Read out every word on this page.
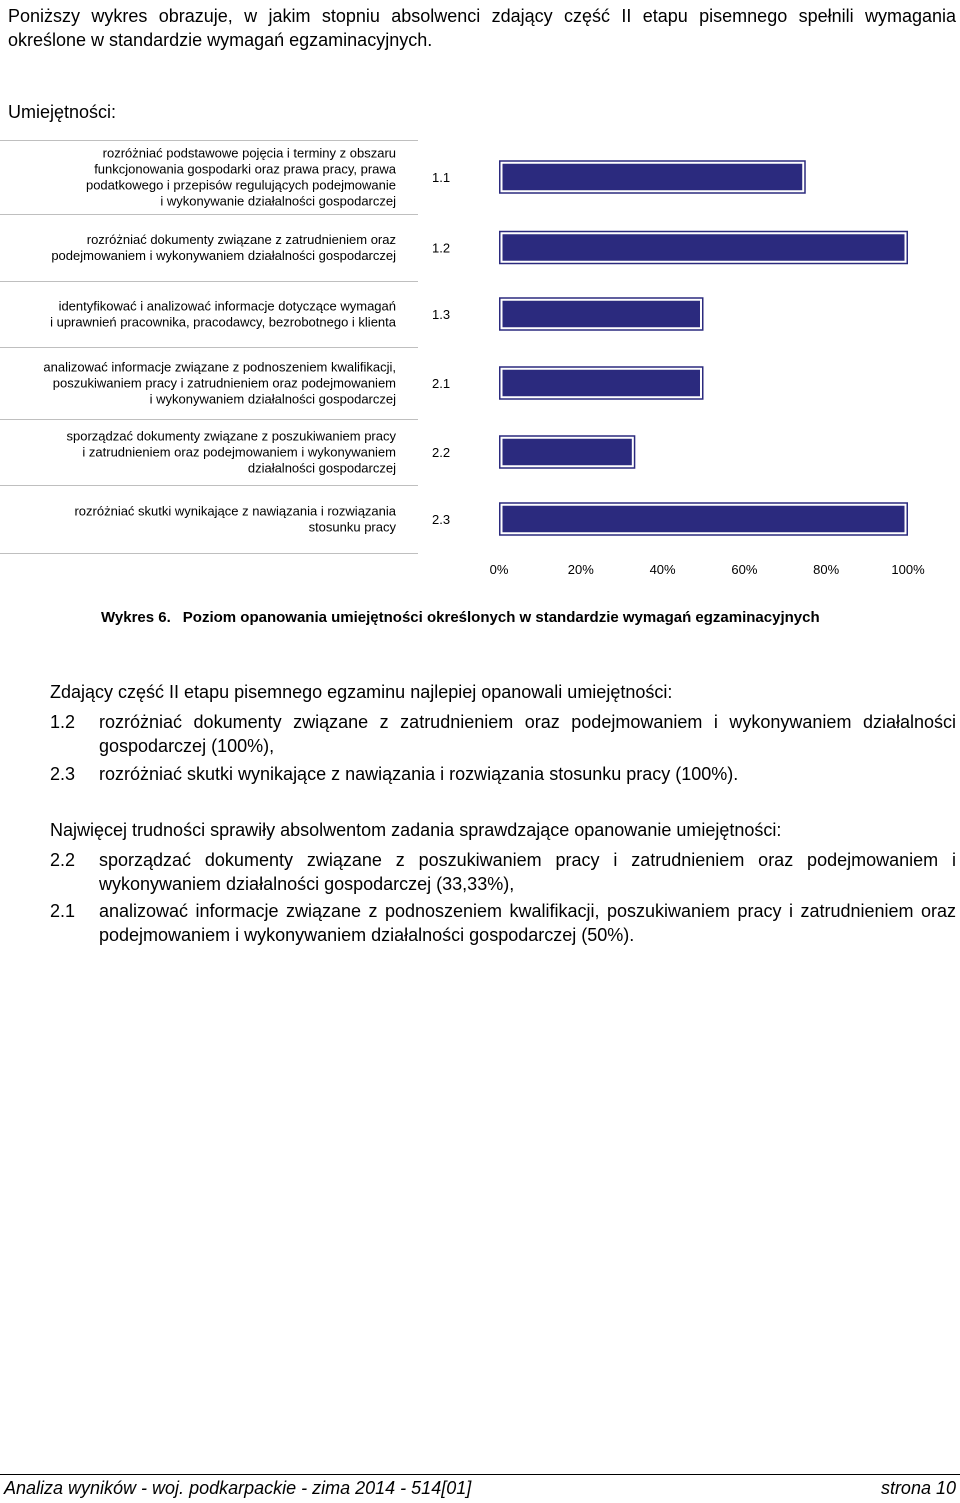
Poniższy wykres obrazuje, w jakim stopniu absolwenci zdający część II etapu pisemnego spełnili wymagania określone w standardzie wymagań egzaminacyjnych.

Umiejętności:

rozróżniać podstawowe pojęcia i terminy z obszaru
funkcjonowania gospodarki oraz prawa pracy, prawa
podatkowego i przepisów regulujących podejmowanie
i wykonywanie działalności gospodarczej
1.1
rozróżniać dokumenty związane z zatrudnieniem oraz
podejmowaniem i wykonywaniem działalności gospodarczej	1.2
identyfikować i analizować informacje dotyczące wymagań
i uprawnień pracownika, pracodawcy, bezrobotnego i klienta	1.3
analizować informacje związane z podnoszeniem kwalifikacji,
poszukiwaniem pracy i zatrudnieniem oraz podejmowaniem
i wykonywaniem działalności gospodarczej
2.1
sporządzać dokumenty związane z poszukiwaniem pracy
i zatrudnieniem oraz podejmowaniem i wykonywaniem
działalności gospodarczej
2.2
rozróżniać skutki wynikające z nawiązania i rozwiązania
stosunku pracy	2.3
0%	20%	40%	60%	80%	100%
Wykres 6. Poziom opanowania umiejętności określonych w standardzie wymagań egzaminacyjnych

Zdający część II etapu pisemnego egzaminu najlepiej opanowali umiejętności:

1.2 rozróżniać dokumenty związane z zatrudnieniem oraz podejmowaniem i wykonywaniem działalności gospodarczej (100%),
2.3 rozróżniać skutki wynikające z nawiązania i rozwiązania stosunku pracy (100%).

Najwięcej trudności sprawiły absolwentom zadania sprawdzające opanowanie umiejętności:

2.2 sporządzać dokumenty związane z poszukiwaniem pracy i zatrudnieniem oraz podejmowaniem i wykonywaniem działalności gospodarczej (33,33%),
2.1 analizować informacje związane z podnoszeniem kwalifikacji, poszukiwaniem pracy i zatrudnieniem oraz podejmowaniem i wykonywaniem działalności gospodarczej (50%).
Analiza wyników - woj. podkarpackie - zima 2014 - 514[01]	strona 10
